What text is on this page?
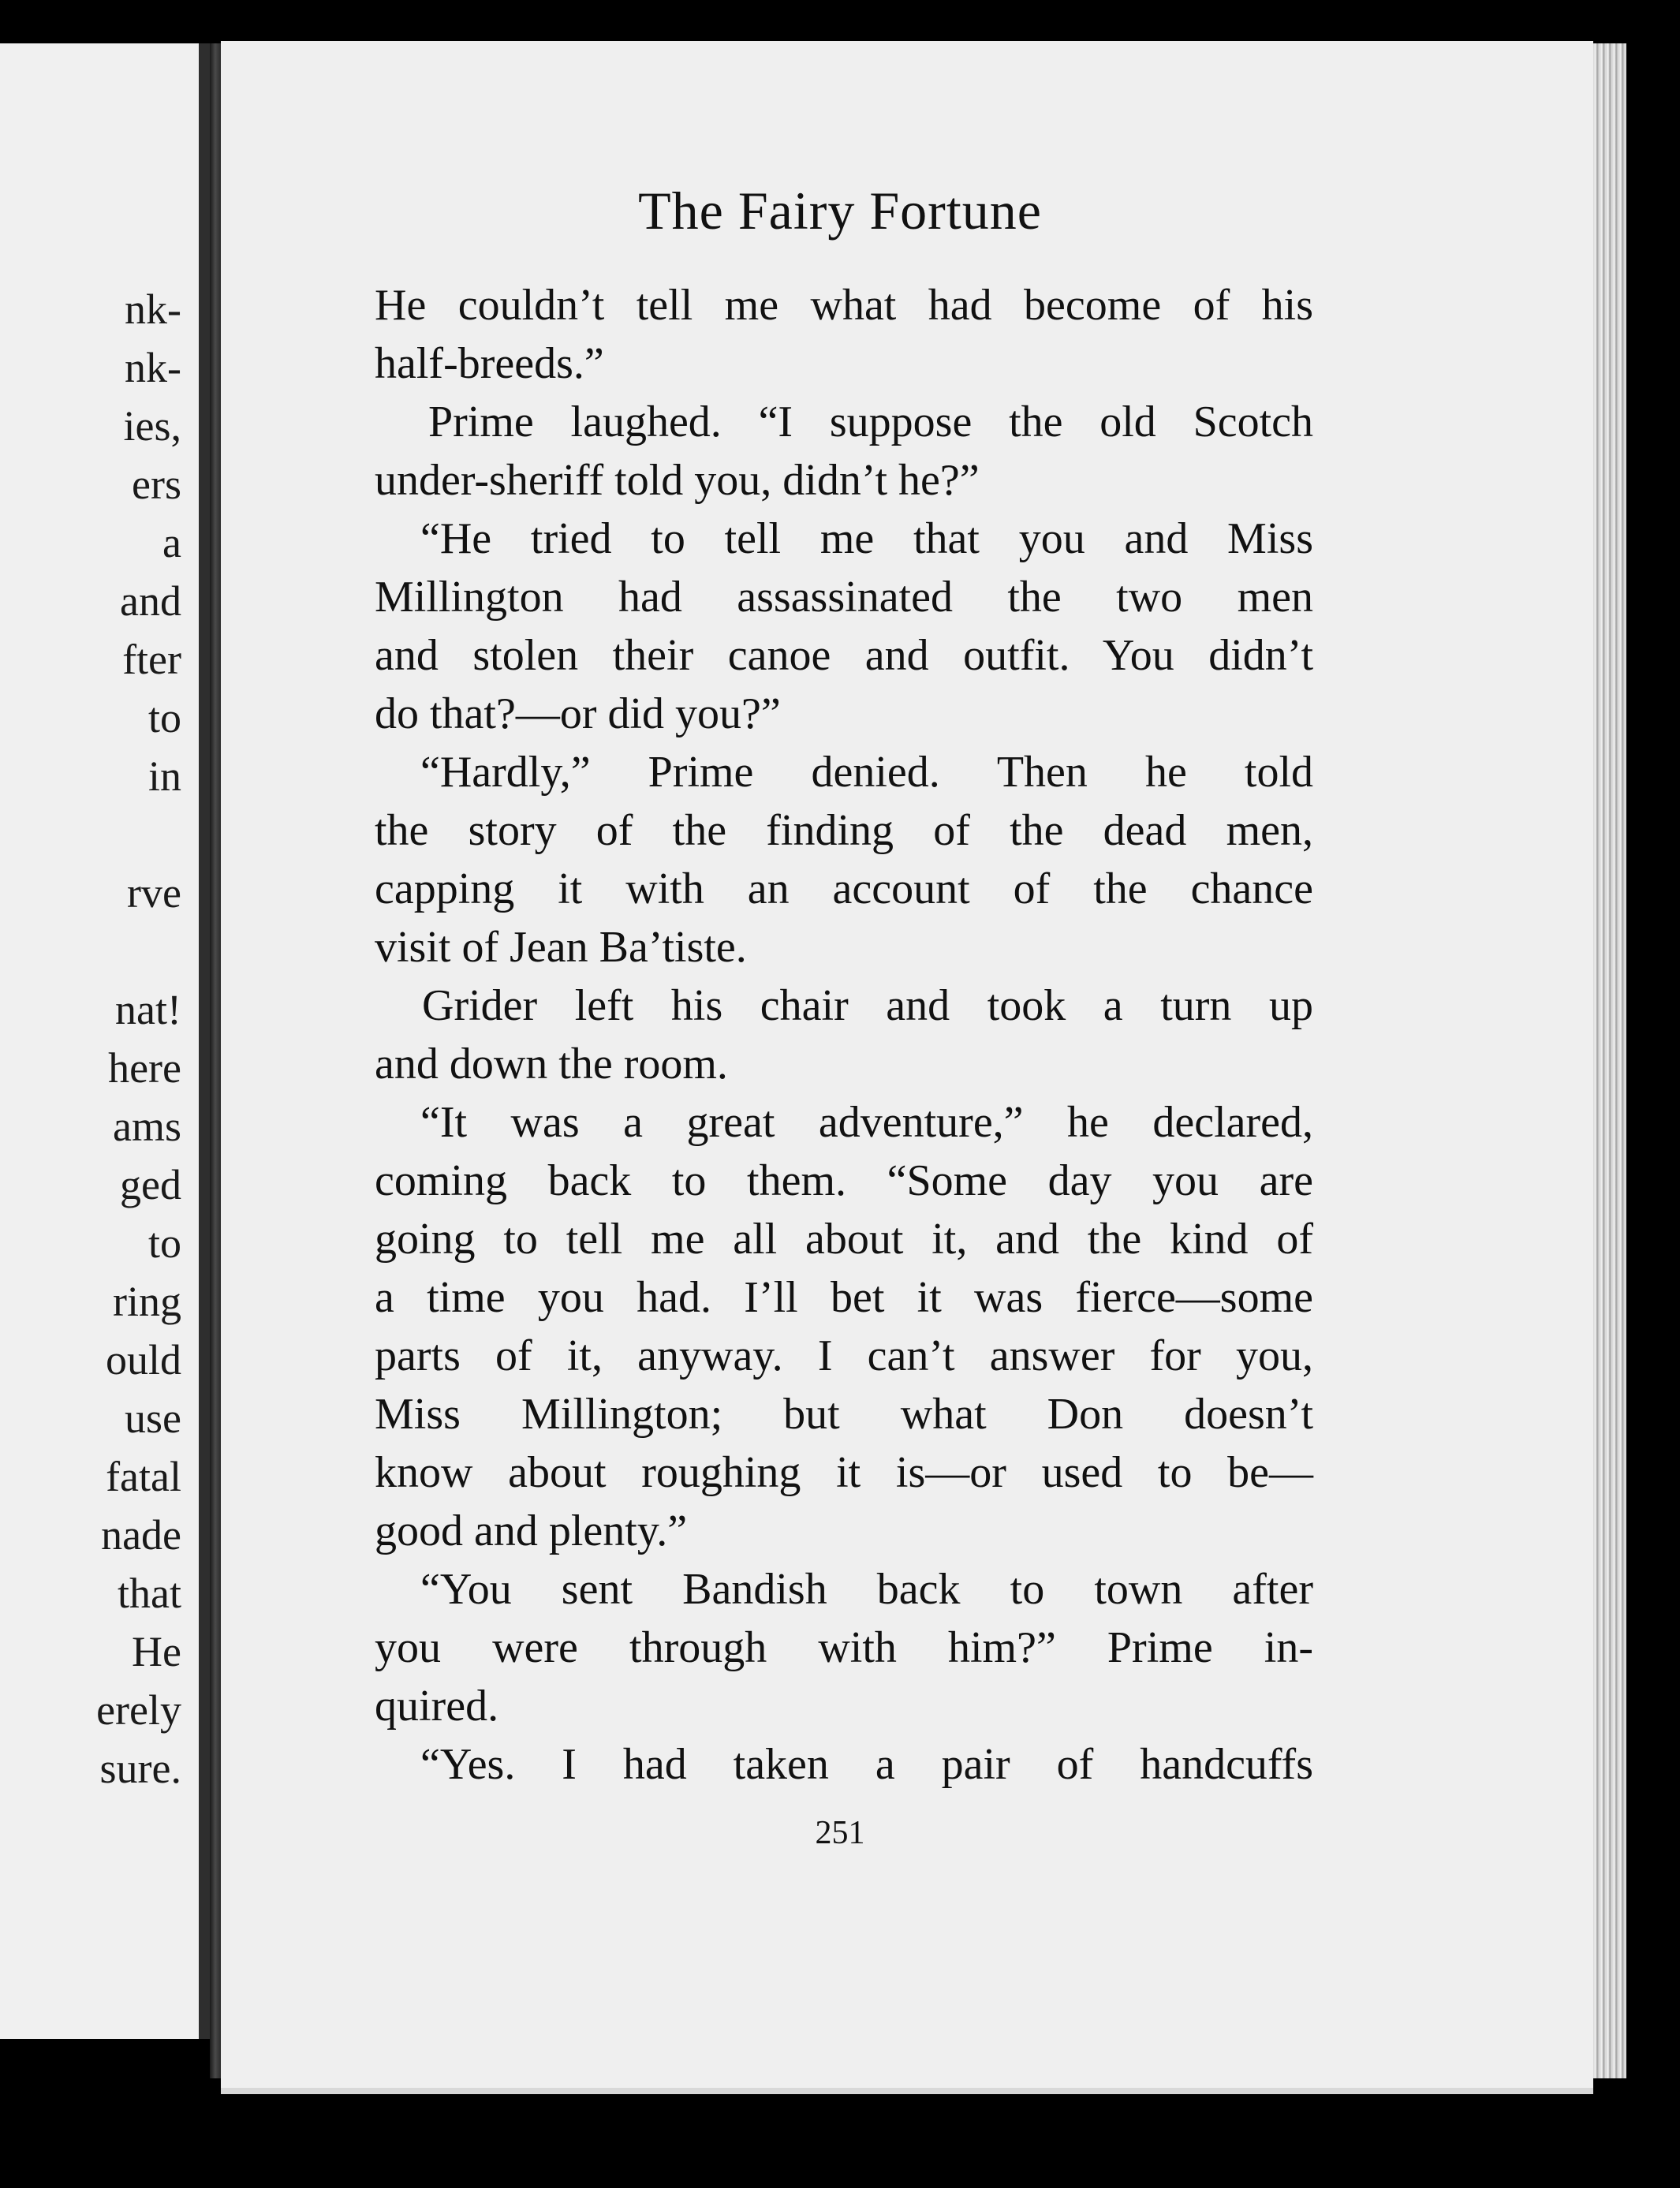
nk-
nk-
ies,
ers
a
and
fter
to
in
rve
nat!
here
ams
ged
to
ring
ould
use
fatal
nade
that
He
erely
sure.
The Fairy Fortune
He couldn’t tell me what had become of his
half-breeds.”
Prime laughed. “I suppose the old Scotch
under-sheriff told you, didn’t he?”
“He tried to tell me that you and Miss
Millington had assassinated the two men
and stolen their canoe and outfit. You didn’t
do that?—or did you?”
“Hardly,” Prime denied. Then he told
the story of the finding of the dead men,
capping it with an account of the chance
visit of Jean Ba’tiste.
Grider left his chair and took a turn up
and down the room.
“It was a great adventure,” he declared,
coming back to them. “Some day you are
going to tell me all about it, and the kind of
a time you had. I’ll bet it was fierce—some
parts of it, anyway. I can’t answer for you,
Miss Millington; but what Don doesn’t
know about roughing it is—or used to be—
good and plenty.”
“You sent Bandish back to town after
you were through with him?” Prime in-
quired.
“Yes. I had taken a pair of handcuffs
251
